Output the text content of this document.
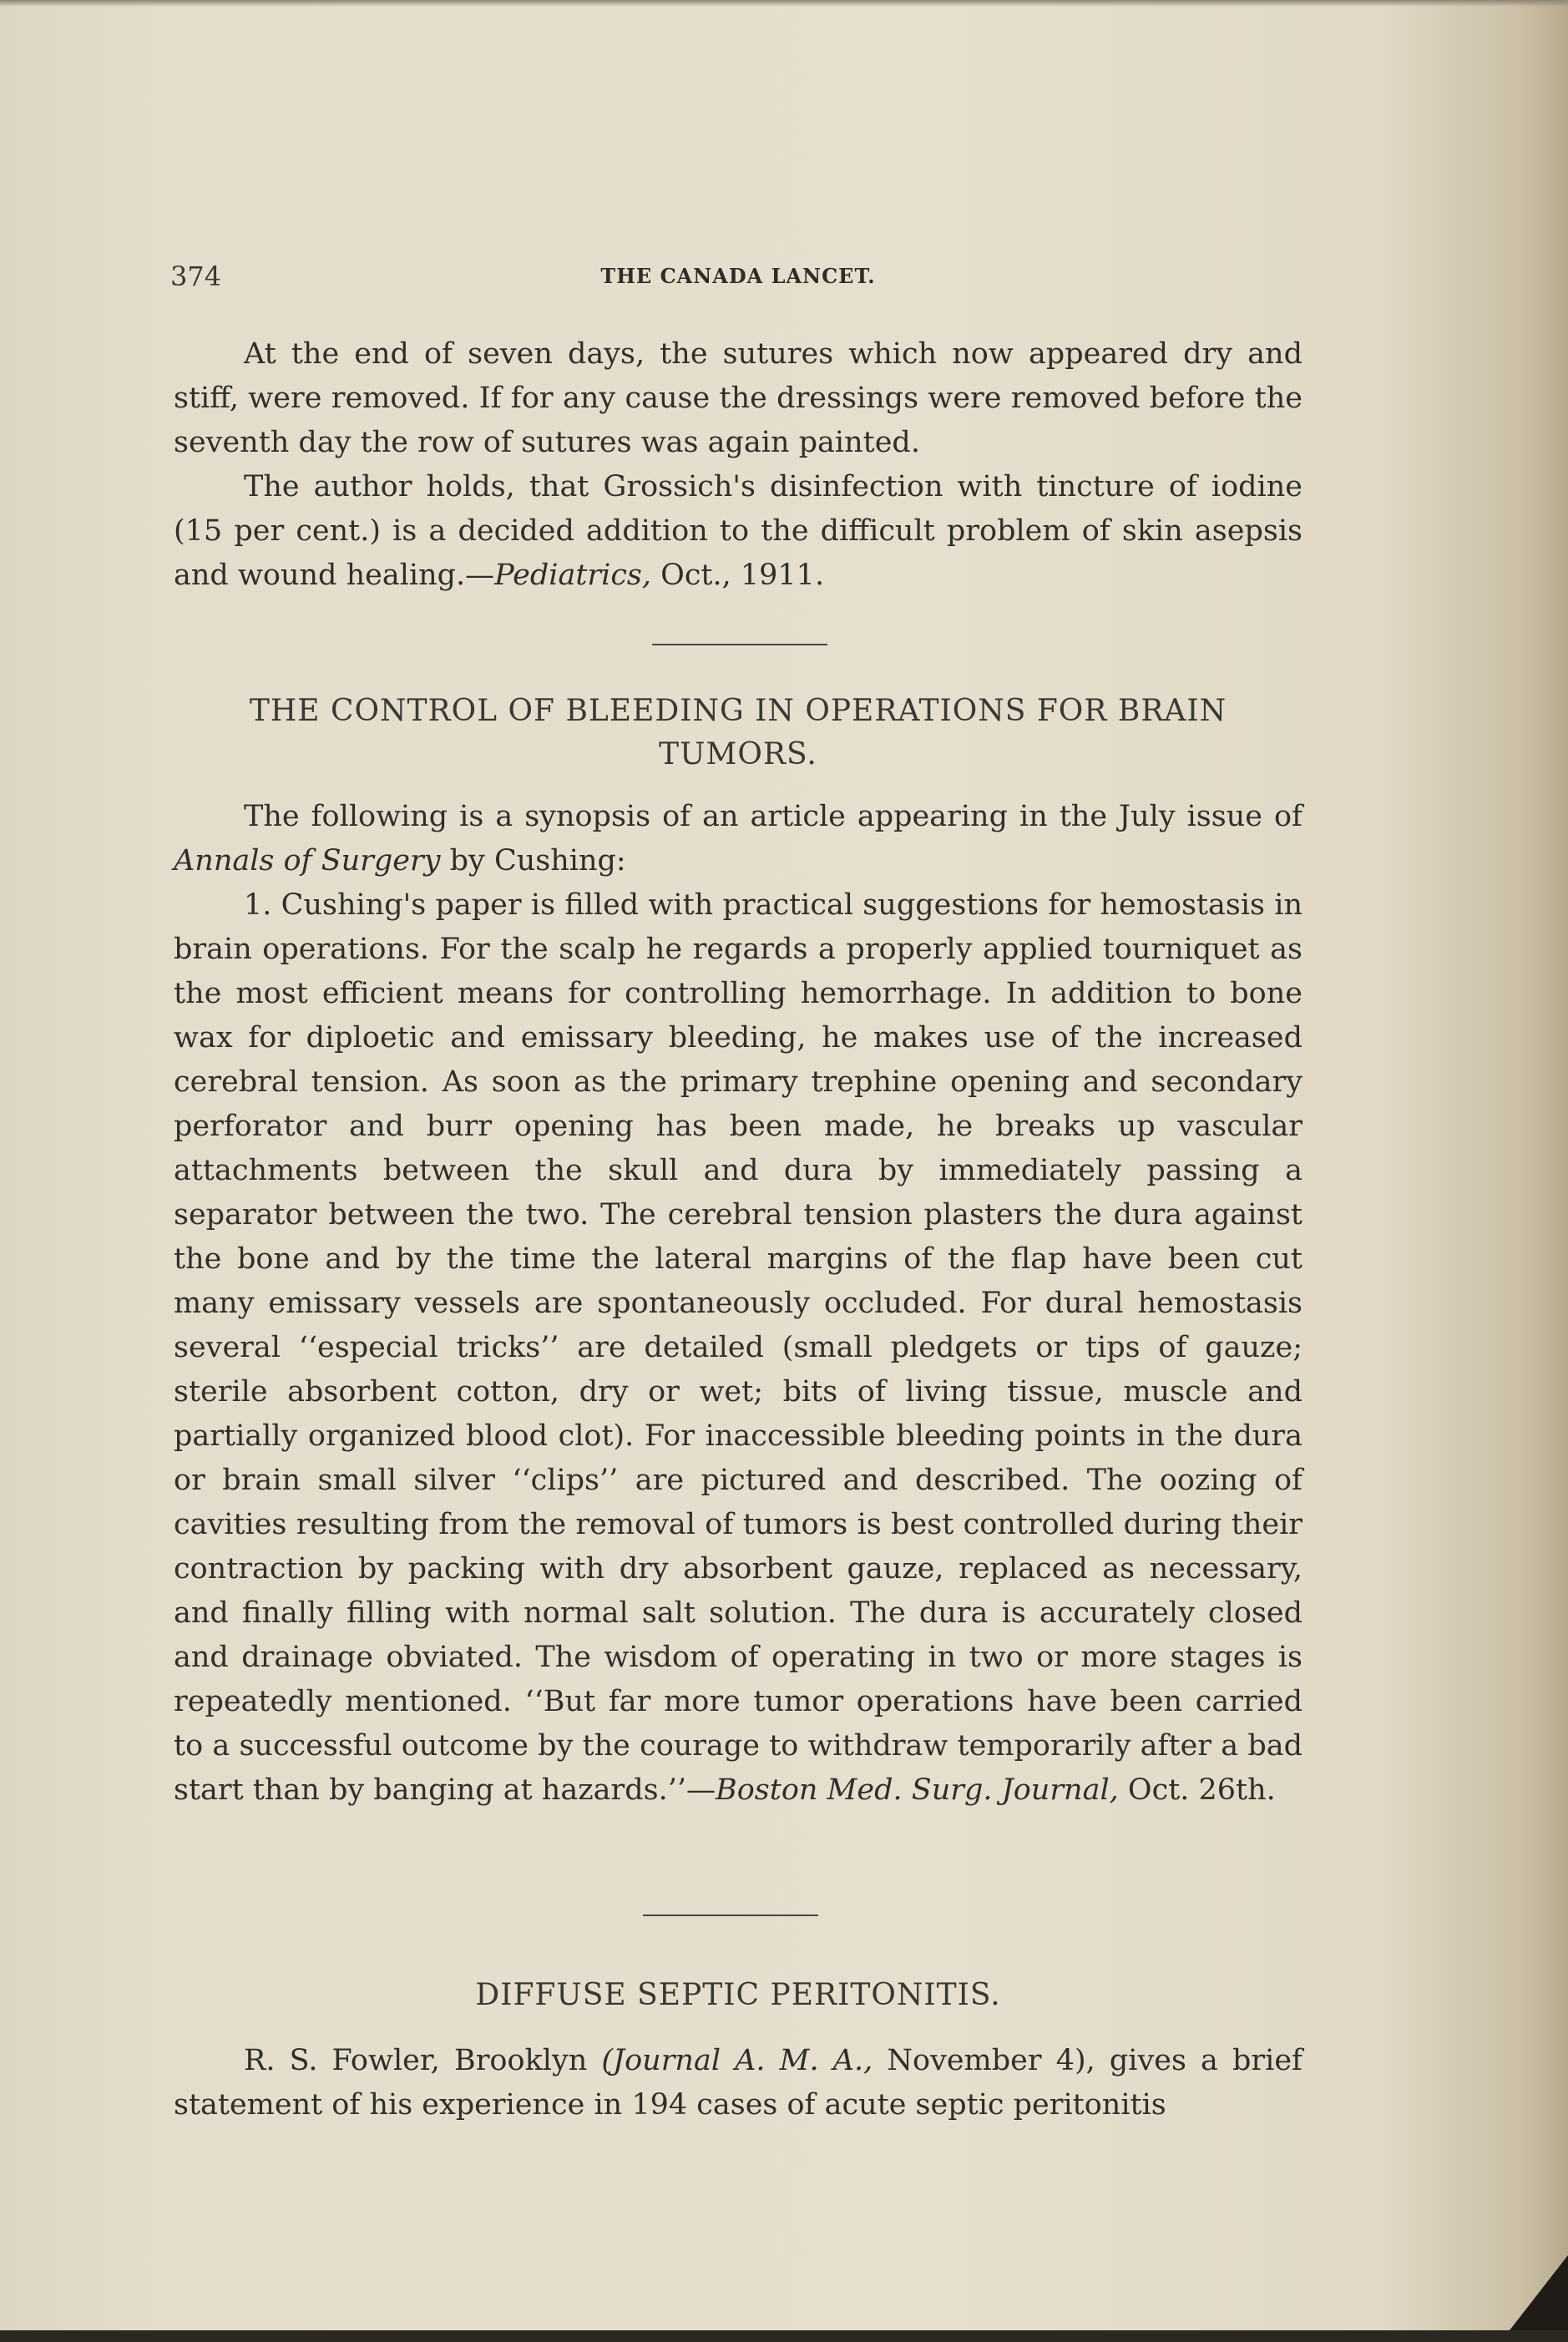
374	THE CANADA LANCET.

At the end of seven days, the sutures which now appeared dry and stiff, were removed. If for any cause the dressings were removed before the seventh day the row of sutures was again painted.

The author holds, that Grossich's disinfection with tincture of iodine (15 per cent.) is a decided addition to the difficult problem of skin asepsis and wound healing.—Pediatrics, Oct., 1911.

THE CONTROL OF BLEEDING IN OPERATIONS FOR BRAIN
TUMORS.

The following is a synopsis of an article appearing in the July issue of Annals of Surgery by Cushing:

1. Cushing's paper is filled with practical suggestions for hemostasis in brain operations. For the scalp he regards a properly applied tourniquet as the most efficient means for controlling hemorrhage. In addition to bone wax for diploetic and emissary bleeding, he makes use of the increased cerebral tension. As soon as the primary trephine opening and secondary perforator and burr opening has been made, he breaks up vascular attachments between the skull and dura by immediately passing a separator between the two. The cerebral tension plasters the dura against the bone and by the time the lateral margins of the flap have been cut many emissary vessels are spontaneously occluded. For dural hemostasis several ‘‘especial tricks’’ are detailed (small pledgets or tips of gauze; sterile absorbent cotton, dry or wet; bits of living tissue, muscle and partially organized blood clot). For inaccessible bleeding points in the dura or brain small silver ‘‘clips’’ are pictured and described. The oozing of cavities resulting from the removal of tumors is best controlled during their contraction by packing with dry absorbent gauze, replaced as necessary, and finally filling with normal salt solution. The dura is accurately closed and drainage obviated. The wisdom of operating in two or more stages is repeatedly mentioned. ‘‘But far more tumor operations have been carried to a successful outcome by the courage to withdraw temporarily after a bad start than by banging at hazards.’’—Boston Med. Surg. Journal, Oct. 26th.

DIFFUSE SEPTIC PERITONITIS.

R. S. Fowler, Brooklyn (Journal A. M. A., November 4), gives a brief statement of his experience in 194 cases of acute septic peritonitis
